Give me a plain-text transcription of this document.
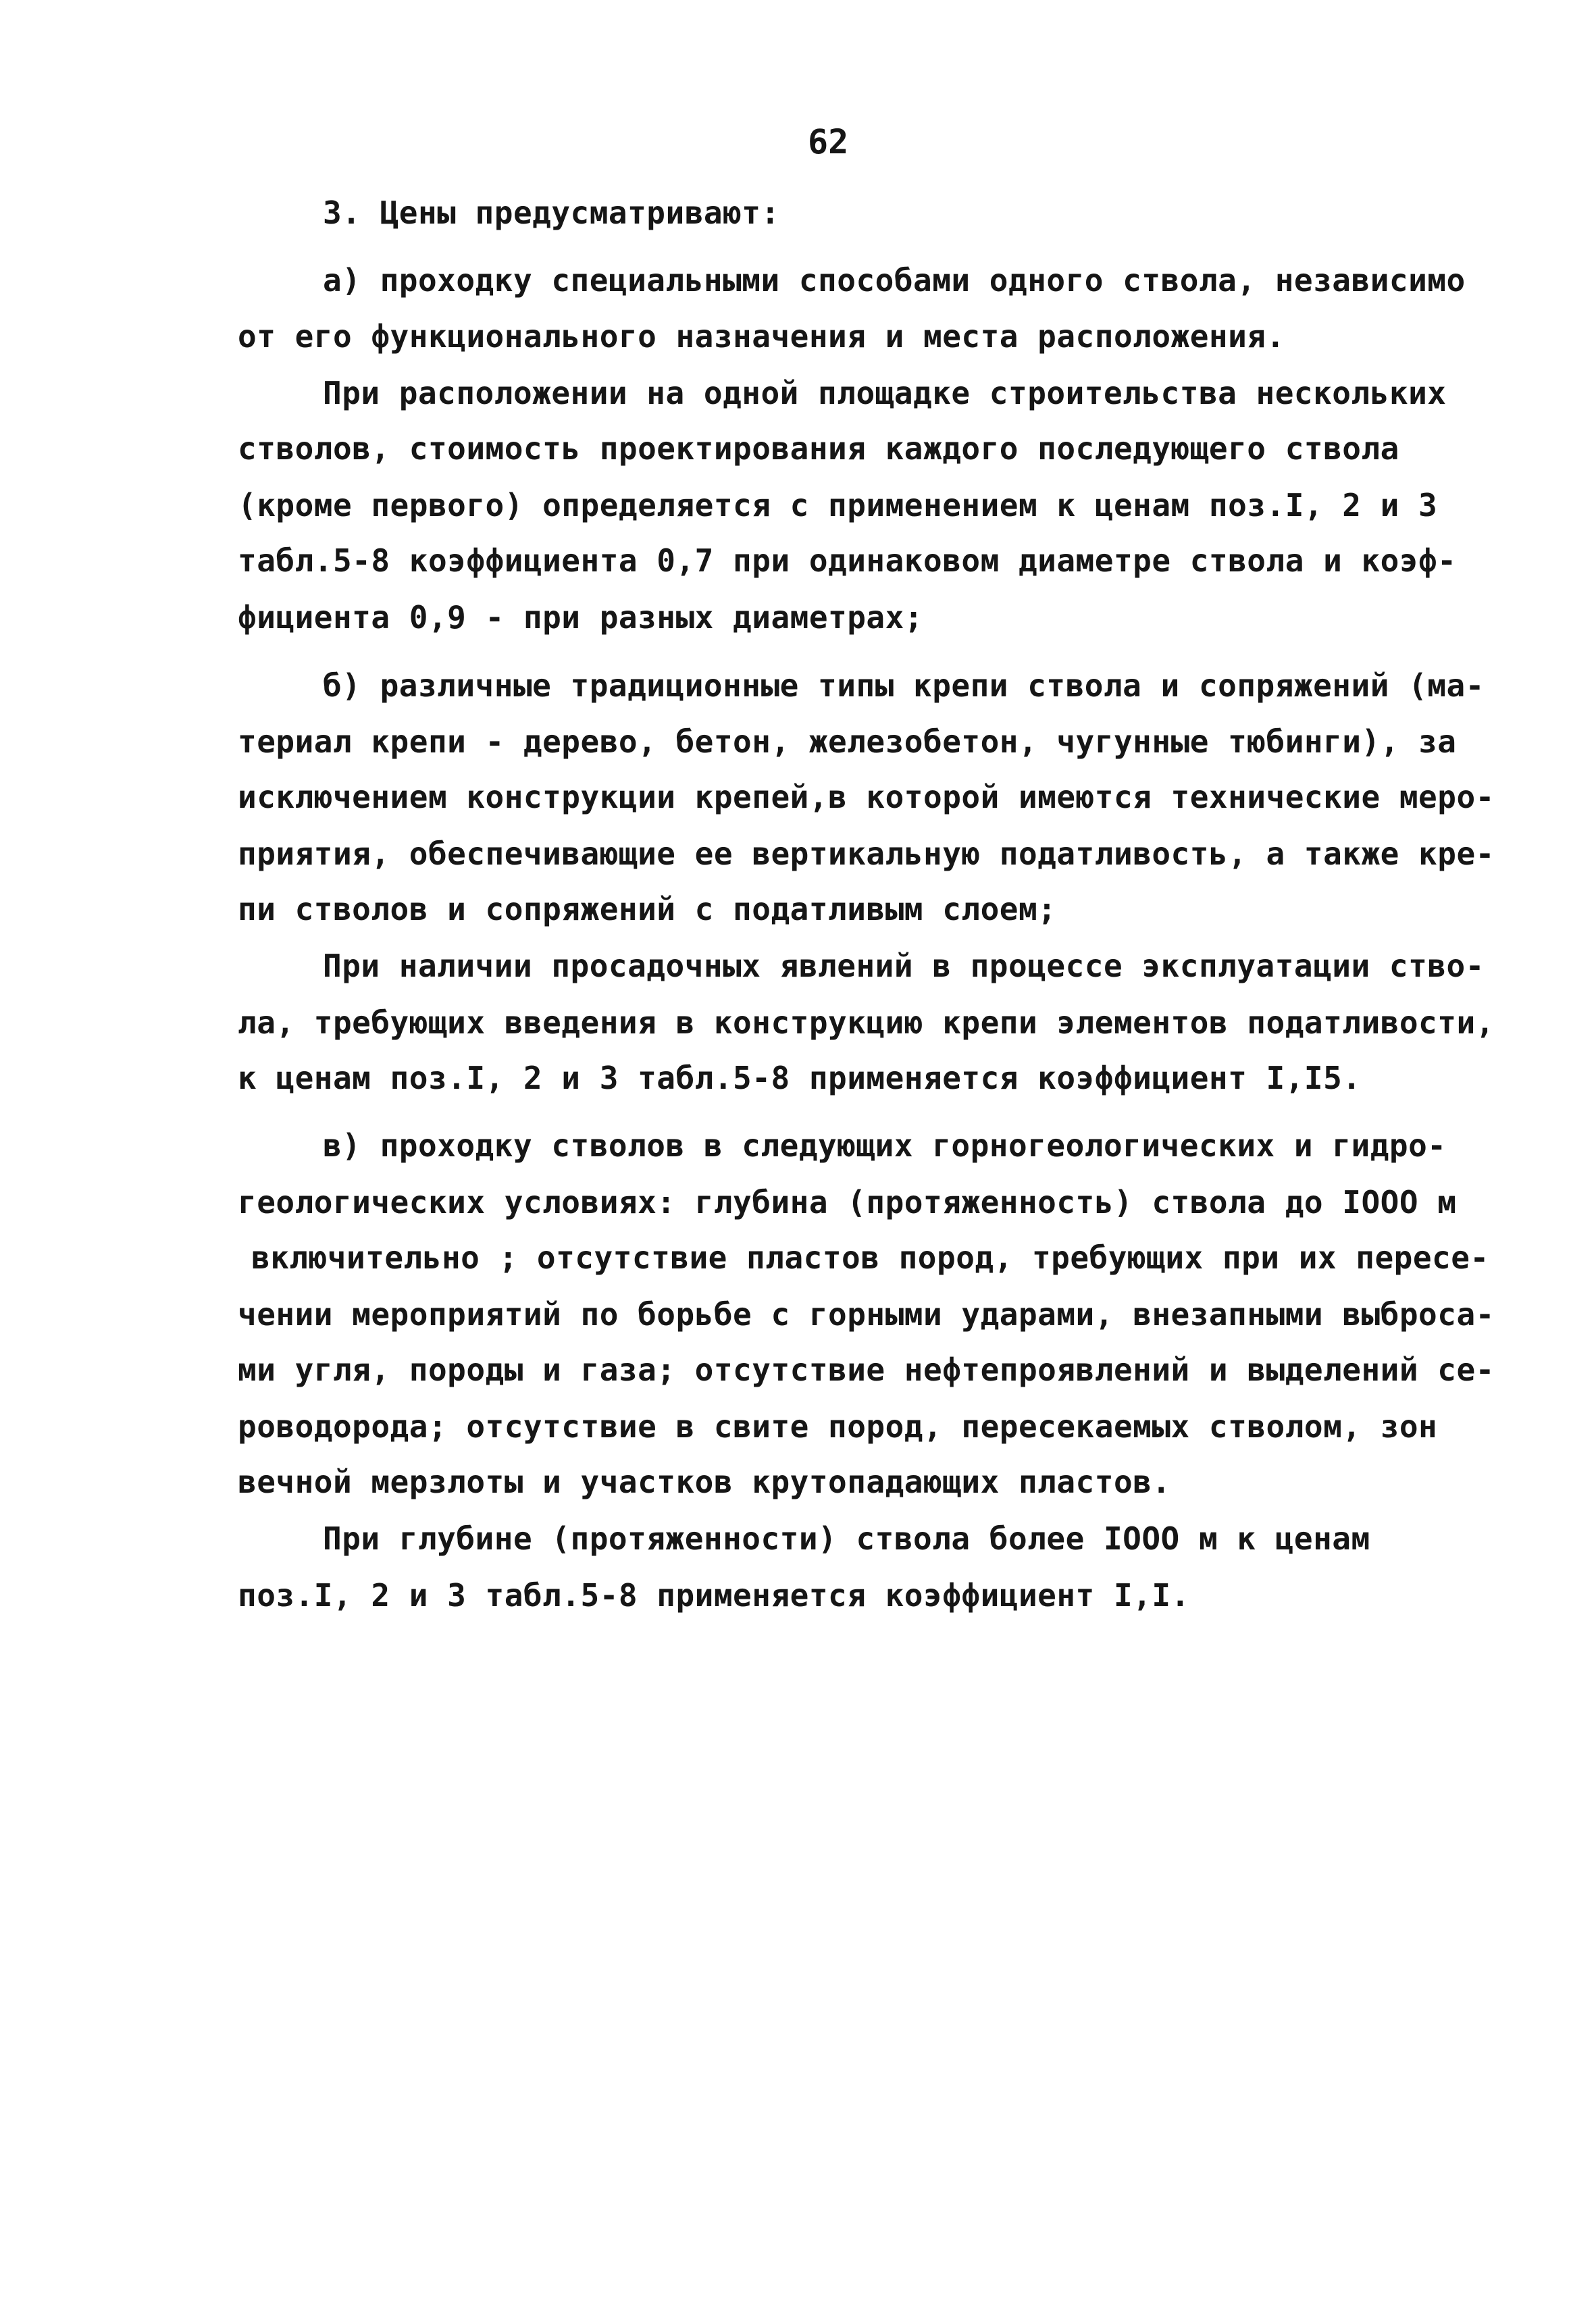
62
3. Цены предусматривают:
а) проходку специальными способами одного ствола, независимо
от его функционального назначения и места расположения.
При расположении на одной площадке строительства нескольких
стволов, стоимость проектирования каждого последующего ствола
(кроме первого) определяется с применением к ценам поз.I, 2 и 3
табл.5-8 коэффициента 0,7 при одинаковом диаметре ствола и коэф-
фициента 0,9 - при разных диаметрах;
б) различные традиционные типы крепи ствола и сопряжений (ма-
териал крепи - дерево, бетон, железобетон, чугунные тюбинги), за
исключением конструкции крепей,в которой имеются технические меро-
приятия, обеспечивающие ее вертикальную податливость, а также кре-
пи стволов и сопряжений с податливым слоем;
При наличии просадочных явлений в процессе эксплуатации ство-
ла, требующих введения в конструкцию крепи элементов податливости,
к ценам поз.I, 2 и 3 табл.5-8 применяется коэффициент I,I5.
в) проходку стволов в следующих горногеологических и гидро-
геологических условиях: глубина (протяженность) ствола до IOOO м
включительно ; отсутствие пластов пород, требующих при их пересе-
чении мероприятий по борьбе с горными ударами, внезапными выброса-
ми угля, породы и газа; отсутствие нефтепроявлений и выделений се-
роводорода; отсутствие в свите пород, пересекаемых стволом, зон
вечной мерзлоты и участков крутопадающих пластов.
При глубине (протяженности) ствола более IOOO м к ценам
поз.I, 2 и 3 табл.5-8 применяется коэффициент I,I.
